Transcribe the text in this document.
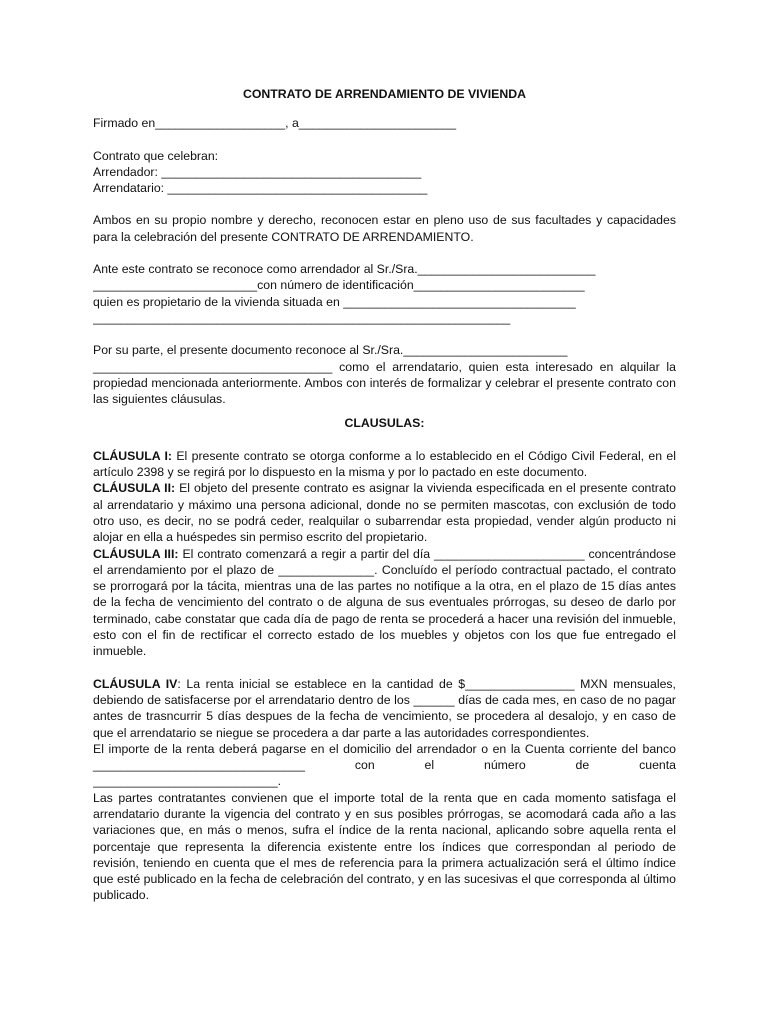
CONTRATO DE ARRENDAMIENTO DE VIVIENDA
Firmado en___________________, a_______________________
Contrato que celebran:
Arrendador: ______________________________________
Arrendatario: ______________________________________

Ambos en su propio nombre y derecho, reconocen estar en pleno uso de sus facultades y capacidades para la celebración del presente CONTRATO DE ARRENDAMIENTO.

Ante este contrato se reconoce como arrendador al Sr./Sra.__________________________
________________________con número de identificación_________________________
quien es propietario de la vivienda situada en __________________________________
_____________________________________________________________
Por su parte, el presente documento reconoce al Sr./Sra.________________________

___________________________________ como el arrendatario, quien esta interesado en alquilar la propiedad mencionada anteriormente. Ambos con interés de formalizar y celebrar el presente contrato con las siguientes cláusulas.

CLAUSULAS:

CLÁUSULA I: El presente contrato se otorga conforme a lo establecido en el Código Civil Federal, en el artículo 2398 y se regirá por lo dispuesto en la misma y por lo pactado en este documento.

CLÁUSULA II: El objeto del presente contrato es asignar la vivienda especificada en el presente contrato al arrendatario y máximo una persona adicional, donde no se permiten mascotas, con exclusión de todo otro uso, es decir, no se podrá ceder, realquilar o subarrendar esta propiedad, vender algún producto ni alojar en ella a huéspedes sin permiso escrito del propietario.

CLÁUSULA III: El contrato comenzará a regir a partir del día ______________________ concentrándose el arrendamiento por el plazo de ______________. Concluído el período contractual pactado, el contrato se prorrogará por la tácita, mientras una de las partes no notifique a la otra, en el plazo de 15 días antes de la fecha de vencimiento del contrato o de alguna de sus eventuales prórrogas, su deseo de darlo por terminado, cabe constatar que cada día de pago de renta se procederá a hacer una revisión del inmueble, esto con el fin de rectificar el correcto estado de los muebles y objetos con los que fue entregado el inmueble.

CLÁUSULA IV: La renta inicial se establece en la cantidad de $________________ MXN mensuales, debiendo de satisfacerse por el arrendatario dentro de los ______ días de cada mes, en caso de no pagar antes de trasncurrir 5 días despues de la fecha de vencimiento, se procedera al desalojo, y en caso de que el arrendatario se niegue se procedera a dar parte a las autoridades correspondientes.

El importe de la renta deberá pagarse en el domicilio del arrendador o en la Cuenta corriente del banco _______________________________ con el número de cuenta

___________________________.

Las partes contratantes convienen que el importe total de la renta que en cada momento satisfaga el arrendatario durante la vigencia del contrato y en sus posibles prórrogas, se acomodará cada año a las variaciones que, en más o menos, sufra el índice de la renta nacional, aplicando sobre aquella renta el porcentaje que representa la diferencia existente entre los índices que correspondan al periodo de revisión, teniendo en cuenta que el mes de referencia para la primera actualización será el último índice que esté publicado en la fecha de celebración del contrato, y en las sucesivas el que corresponda al último publicado.
